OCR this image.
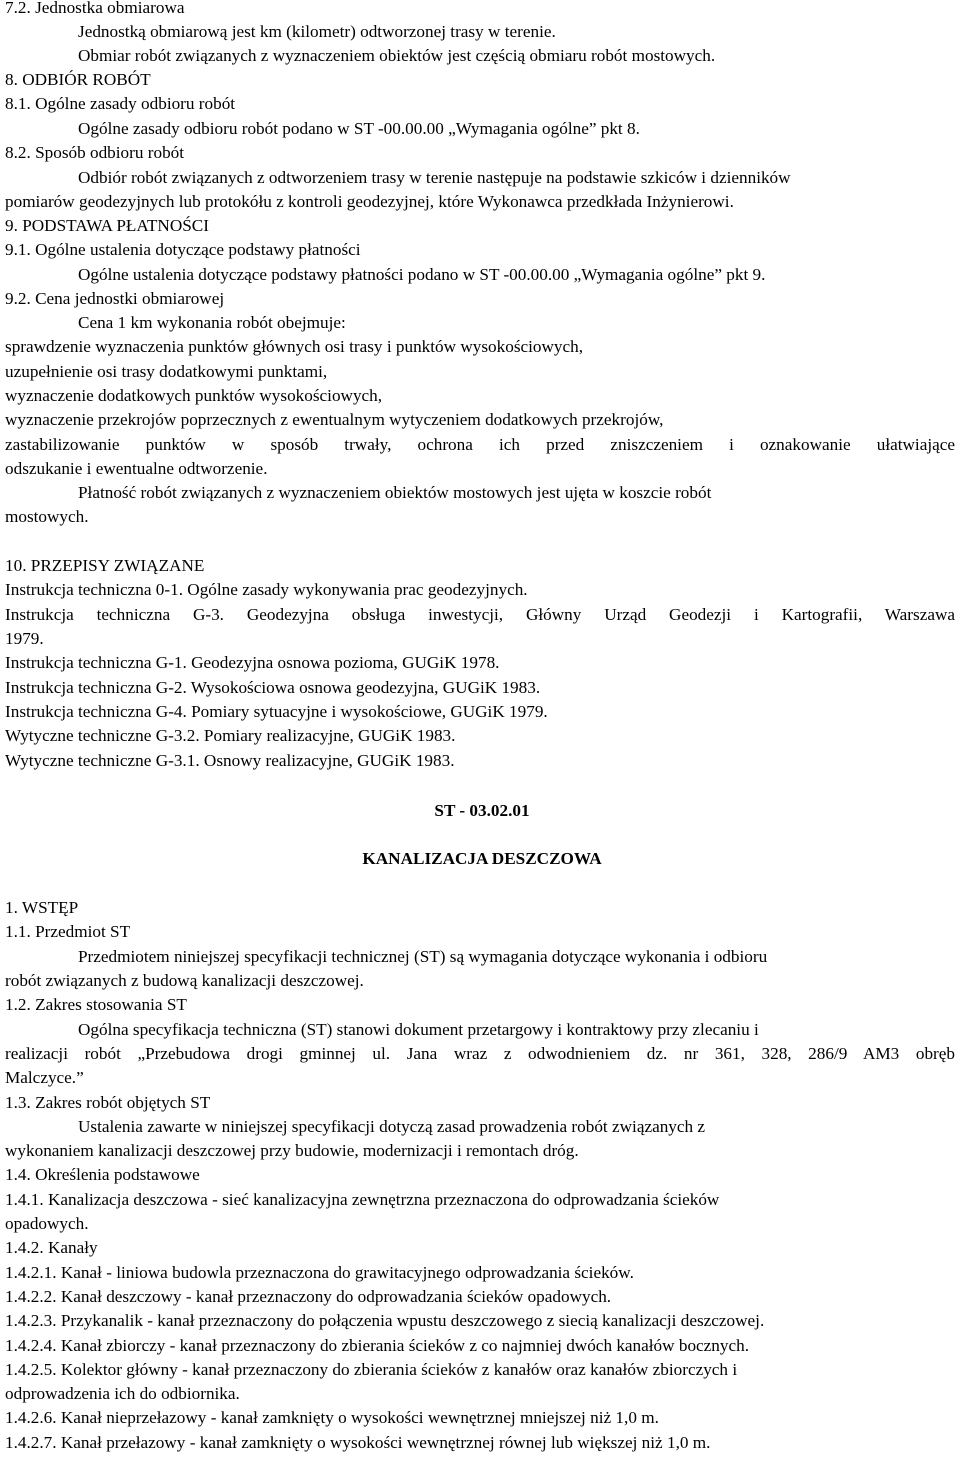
7.2. Jednostka obmiarowa
Jednostką obmiarową jest km (kilometr) odtworzonej trasy w terenie.
Obmiar robót związanych z wyznaczeniem obiektów jest częścią obmiaru robót mostowych.
8. ODBIÓR ROBÓT
8.1. Ogólne zasady odbioru robót
Ogólne zasady odbioru robót podano w ST -00.00.00 „Wymagania ogólne” pkt 8.
8.2. Sposób odbioru robót
Odbiór robót związanych z odtworzeniem trasy w terenie następuje na podstawie szkiców i dzienników
pomiarów geodezyjnych lub protokółu z kontroli geodezyjnej, które Wykonawca przedkłada Inżynierowi.
9. PODSTAWA PŁATNOŚCI
9.1. Ogólne ustalenia dotyczące podstawy płatności
Ogólne ustalenia dotyczące podstawy płatności podano w ST -00.00.00 „Wymagania ogólne” pkt 9.
9.2. Cena jednostki obmiarowej
Cena 1 km wykonania robót obejmuje:
sprawdzenie wyznaczenia punktów głównych osi trasy i punktów wysokościowych,
uzupełnienie osi trasy dodatkowymi punktami,
wyznaczenie dodatkowych punktów wysokościowych,
wyznaczenie przekrojów poprzecznych z ewentualnym wytyczeniem dodatkowych przekrojów,
zastabilizowanie punktów w sposób trwały, ochrona ich przed zniszczeniem i oznakowanie ułatwiające
odszukanie i ewentualne odtworzenie.
Płatność robót związanych z wyznaczeniem obiektów mostowych jest ujęta w koszcie robót
mostowych.
10. PRZEPISY ZWIĄZANE
Instrukcja techniczna 0-1. Ogólne zasady wykonywania prac geodezyjnych.
Instrukcja techniczna G-3. Geodezyjna obsługa inwestycji, Główny Urząd Geodezji i Kartografii, Warszawa
1979.
Instrukcja techniczna G-1. Geodezyjna osnowa pozioma, GUGiK 1978.
Instrukcja techniczna G-2. Wysokościowa osnowa geodezyjna, GUGiK 1983.
Instrukcja techniczna G-4. Pomiary sytuacyjne i wysokościowe, GUGiK 1979.
Wytyczne techniczne G-3.2. Pomiary realizacyjne, GUGiK 1983.
Wytyczne techniczne G-3.1. Osnowy realizacyjne, GUGiK 1983.
ST - 03.02.01
KANALIZACJA DESZCZOWA
1. WSTĘP
1.1. Przedmiot ST
Przedmiotem niniejszej specyfikacji technicznej (ST) są wymagania dotyczące wykonania i odbioru
robót związanych z budową kanalizacji deszczowej.
1.2. Zakres stosowania ST
Ogólna specyfikacja techniczna (ST) stanowi dokument przetargowy i kontraktowy przy zlecaniu i
realizacji robót „Przebudowa drogi gminnej ul. Jana wraz z odwodnieniem dz. nr 361, 328, 286/9 AM3 obręb
Malczyce.”
1.3. Zakres robót objętych ST
Ustalenia zawarte w niniejszej specyfikacji dotyczą zasad prowadzenia robót związanych z
wykonaniem kanalizacji deszczowej przy budowie, modernizacji i remontach dróg.
1.4. Określenia podstawowe
1.4.1. Kanalizacja deszczowa - sieć kanalizacyjna zewnętrzna przeznaczona do odprowadzania ścieków
opadowych.
1.4.2. Kanały
1.4.2.1. Kanał - liniowa budowla przeznaczona do grawitacyjnego odprowadzania ścieków.
1.4.2.2. Kanał deszczowy - kanał przeznaczony do odprowadzania ścieków opadowych.
1.4.2.3. Przykanalik - kanał przeznaczony do połączenia wpustu deszczowego z siecią kanalizacji deszczowej.
1.4.2.4. Kanał zbiorczy - kanał przeznaczony do zbierania ścieków z co najmniej dwóch kanałów bocznych.
1.4.2.5. Kolektor główny - kanał przeznaczony do zbierania ścieków z kanałów oraz kanałów zbiorczych i
odprowadzenia ich do odbiornika.
1.4.2.6. Kanał nieprzełazowy - kanał zamknięty o wysokości wewnętrznej mniejszej niż 1,0 m.
1.4.2.7. Kanał przełazowy - kanał zamknięty o wysokości wewnętrznej równej lub większej niż 1,0 m.
